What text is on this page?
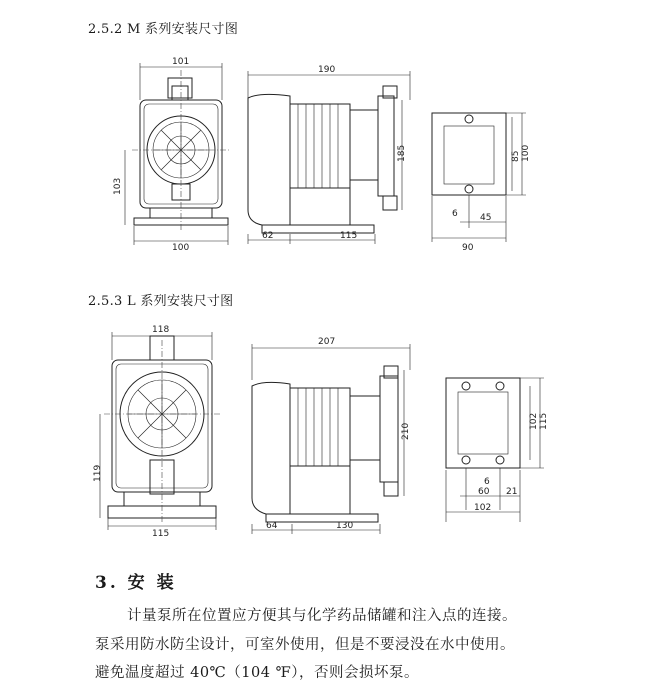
2.5.2 M 系列安装尺寸图
101
100
103
190
185
62	115
85 100
6 45
90
2.5.3 L 系列安装尺寸图
118
115
119
207
210
64	130
102 115
6
60 21
102
3. 安 装
计量泵所在位置应方便其与化学药品储罐和注入点的连接。
泵采用防水防尘设计，可室外使用，但是不要浸没在水中使用。
避免温度超过 40℃（104 ℉），否则会损坏泵。
